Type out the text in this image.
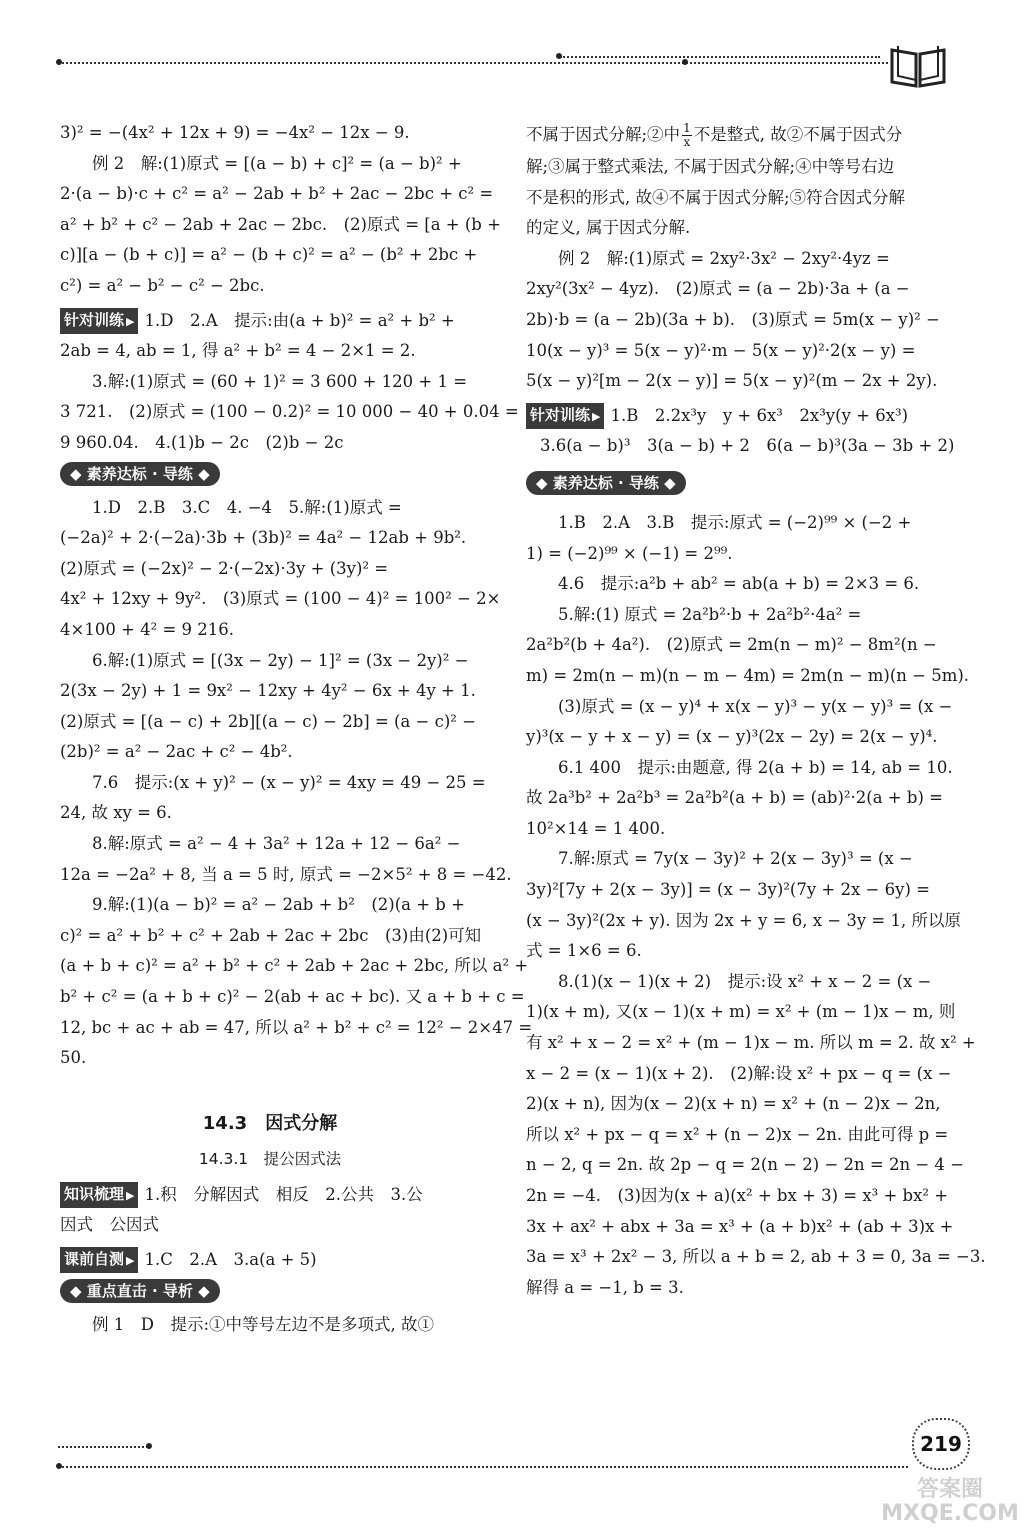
3)² = −(4x² + 12x + 9) = −4x² − 12x − 9.
例 2　解:(1)原式 = [(a − b) + c]² = (a − b)² +
2·(a − b)·c + c² = a² − 2ab + b² + 2ac − 2bc + c² =
a² + b² + c² − 2ab + 2ac − 2bc.　(2)原式 = [a + (b +
c)][a − (b + c)] = a² − (b + c)² = a² − (b² + 2bc +
c²) = a² − b² − c² − 2bc.
针对训练 ▶ 1.D　2.A　提示:由(a + b)² = a² + b² +
2ab = 4, ab = 1, 得 a² + b² = 4 − 2×1 = 2.
3.解:(1)原式 = (60 + 1)² = 3 600 + 120 + 1 =
3 721.　(2)原式 = (100 − 0.2)² = 10 000 − 40 + 0.04 =
9 960.04.　4.(1)b − 2c　(2)b − 2c
◆ 素养达标 · 导练 ◆
1.D　2.B　3.C　4. −4　5.解:(1)原式 =
(−2a)² + 2·(−2a)·3b + (3b)² = 4a² − 12ab + 9b².
(2)原式 = (−2x)² − 2·(−2x)·3y + (3y)² =
4x² + 12xy + 9y².　(3)原式 = (100 − 4)² = 100² − 2×
4×100 + 4² = 9 216.
6.解:(1)原式 = [(3x − 2y) − 1]² = (3x − 2y)² −
2(3x − 2y) + 1 = 9x² − 12xy + 4y² − 6x + 4y + 1.
(2)原式 = [(a − c) + 2b][(a − c) − 2b] = (a − c)² −
(2b)² = a² − 2ac + c² − 4b².
7.6　提示:(x + y)² − (x − y)² = 4xy = 49 − 25 =
24, 故 xy = 6.
8.解:原式 = a² − 4 + 3a² + 12a + 12 − 6a² −
12a = −2a² + 8, 当 a = 5 时, 原式 = −2×5² + 8 = −42.
9.解:(1)(a − b)² = a² − 2ab + b²　(2)(a + b +
c)² = a² + b² + c² + 2ab + 2ac + 2bc　(3)由(2)可知
(a + b + c)² = a² + b² + c² + 2ab + 2ac + 2bc, 所以 a² +
b² + c² = (a + b + c)² − 2(ab + ac + bc). 又 a + b + c =
12, bc + ac + ab = 47, 所以 a² + b² + c² = 12² − 2×47 =
50.
14.3　因式分解
14.3.1　提公因式法
知识梳理 ▶ 1.积　分解因式　相反　2.公共　3.公
因式　公因式
课前自测 ▶ 1.C　2.A　3.a(a + 5)
◆ 重点直击 · 导析 ◆
例 1　D　提示:①中等号左边不是多项式, 故①
不属于因式分解;②中 $\frac{1}{x}$ 不是整式, 故②不属于因式分
解;③属于整式乘法, 不属于因式分解;④中等号右边
不是积的形式, 故④不属于因式分解;⑤符合因式分解
的定义, 属于因式分解.
例 2　解:(1)原式 = 2xy²·3x² − 2xy²·4yz =
2xy²(3x² − 4yz).　(2)原式 = (a − 2b)·3a + (a −
2b)·b = (a − 2b)(3a + b).　(3)原式 = 5m(x − y)² −
10(x − y)³ = 5(x − y)²·m − 5(x − y)²·2(x − y) =
5(x − y)²[m − 2(x − y)] = 5(x − y)²(m − 2x + 2y).
针对训练 ▶ 1.B　2.2x³y　y + 6x³　2x³y(y + 6x³)
3.6(a − b)³　3(a − b) + 2　6(a − b)³(3a − 3b + 2)
◆ 素养达标 · 导练 ◆
1.B　2.A　3.B　提示:原式 = (−2)⁹⁹ × (−2 +
1) = (−2)⁹⁹ × (−1) = 2⁹⁹.
4.6　提示:a²b + ab² = ab(a + b) = 2×3 = 6.
5.解:(1) 原式 = 2a²b²·b + 2a²b²·4a² =
2a²b²(b + 4a²).　(2)原式 = 2m(n − m)² − 8m²(n −
m) = 2m(n − m)(n − m − 4m) = 2m(n − m)(n − 5m).
(3)原式 = (x − y)⁴ + x(x − y)³ − y(x − y)³ = (x −
y)³(x − y + x − y) = (x − y)³(2x − 2y) = 2(x − y)⁴.
6.1 400　提示:由题意, 得 2(a + b) = 14, ab = 10.
故 2a³b² + 2a²b³ = 2a²b²(a + b) = (ab)²·2(a + b) =
10²×14 = 1 400.
7.解:原式 = 7y(x − 3y)² + 2(x − 3y)³ = (x −
3y)²[7y + 2(x − 3y)] = (x − 3y)²(7y + 2x − 6y) =
(x − 3y)²(2x + y). 因为 2x + y = 6, x − 3y = 1, 所以原
式 = 1×6 = 6.
8.(1)(x − 1)(x + 2)　提示:设 x² + x − 2 = (x −
1)(x + m), 又(x − 1)(x + m) = x² + (m − 1)x − m, 则
有 x² + x − 2 = x² + (m − 1)x − m. 所以 m = 2. 故 x² +
x − 2 = (x − 1)(x + 2).　(2)解:设 x² + px − q = (x −
2)(x + n), 因为(x − 2)(x + n) = x² + (n − 2)x − 2n,
所以 x² + px − q = x² + (n − 2)x − 2n. 由此可得 p =
n − 2, q = 2n. 故 2p − q = 2(n − 2) − 2n = 2n − 4 −
2n = −4.　(3)因为(x + a)(x² + bx + 3) = x³ + bx² +
3x + ax² + abx + 3a = x³ + (a + b)x² + (ab + 3)x +
3a = x³ + 2x² − 3, 所以 a + b = 2, ab + 3 = 0, 3a = −3.
解得 a = −1, b = 3.
219
答案圈 MXQE.COM
